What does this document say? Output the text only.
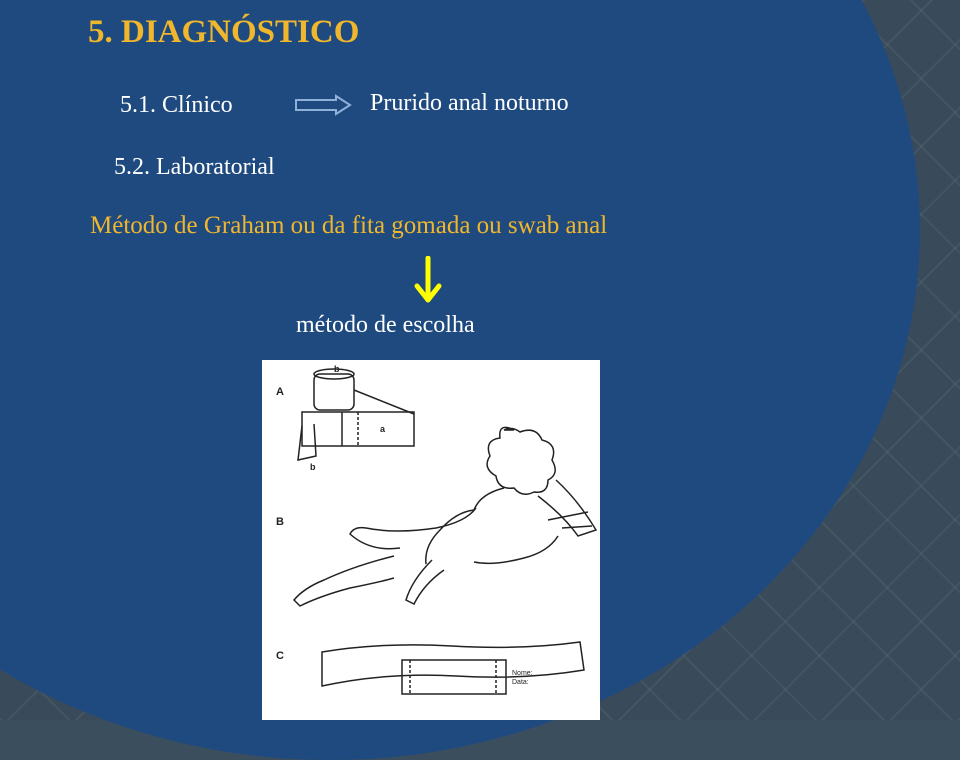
5. DIAGNÓSTICO
5.1. Clínico	Prurido anal noturno
5.2. Laboratorial
Método de Graham ou da fita gomada ou swab anal
método de escolha
A
B
C
b
a
b
Nome:
Data:
